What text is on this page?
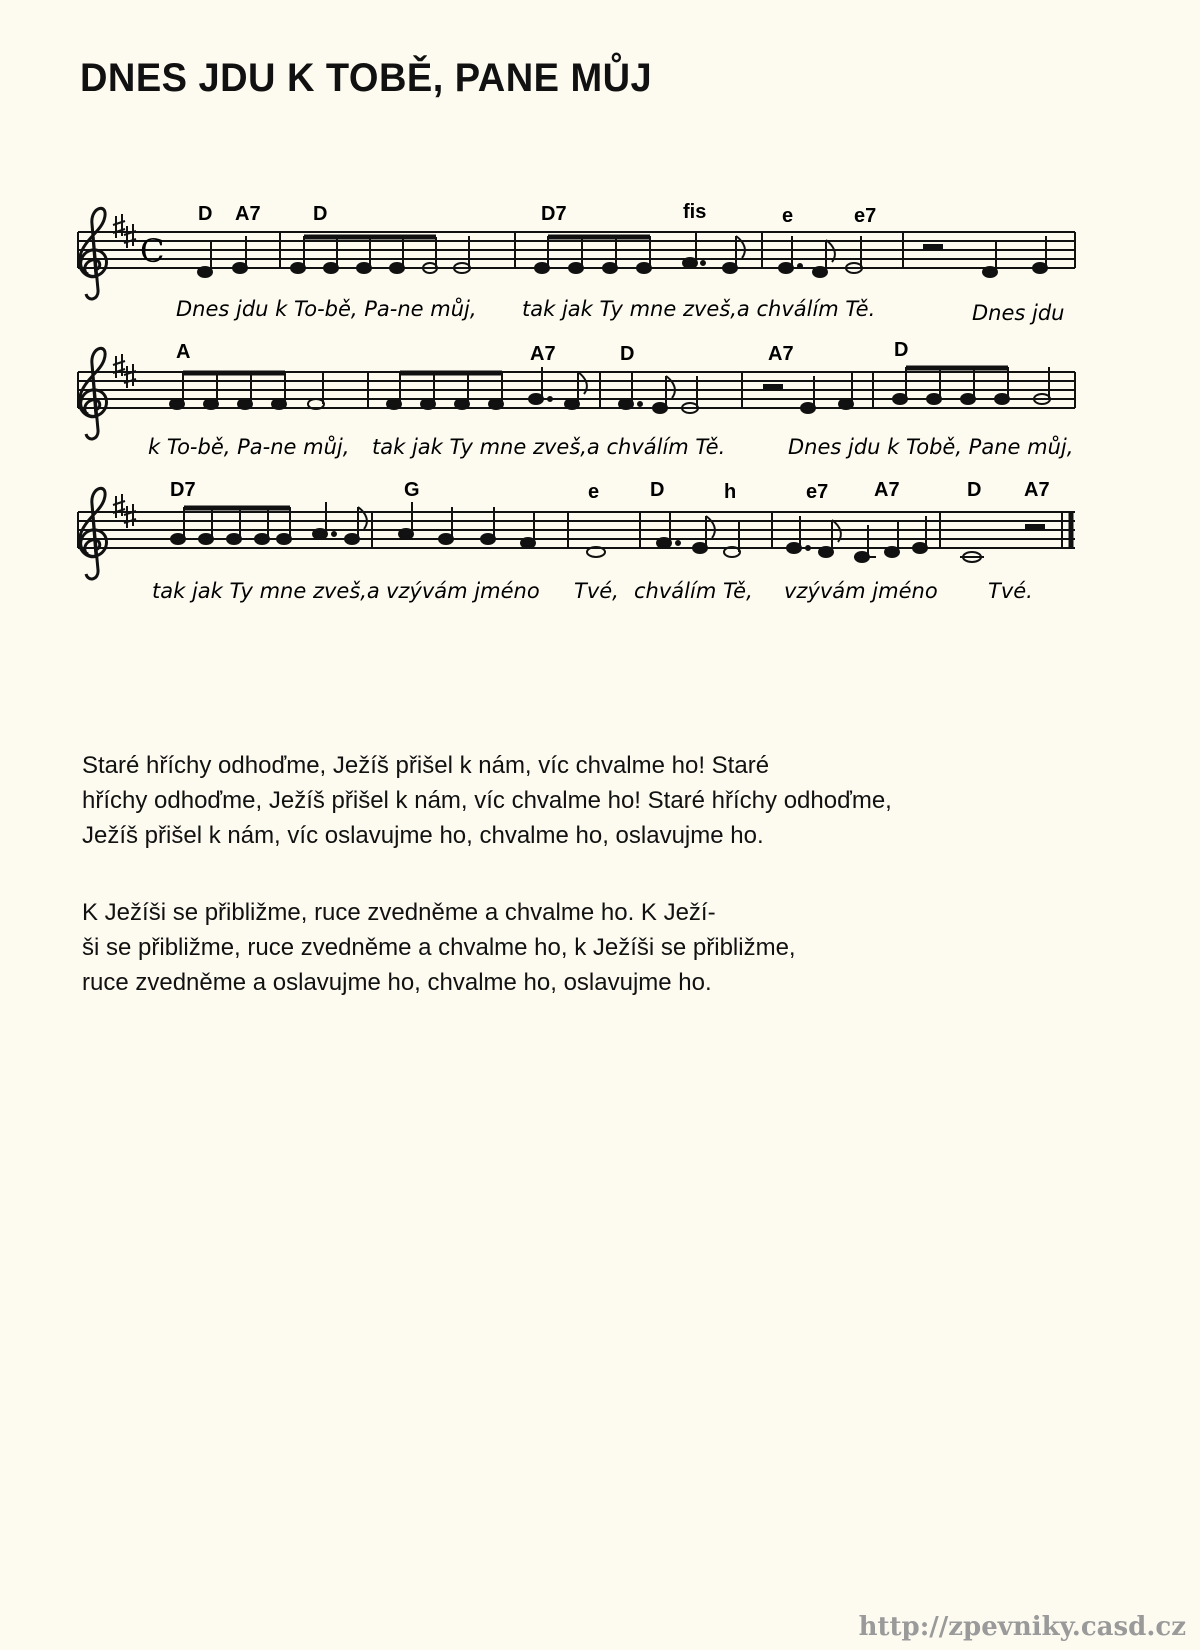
DNES JDU K TOBĚ, PANE MŮJ
C
D A7	D	D7	fis	e	e7
Dnes jdu k To-bě, Pa-ne můj, tak jak Ty mne zveš,a chválím Tě.	Dnes jdu
A	A7	D	A7	D
k To-bě, Pa-ne můj, tak jak Ty mne zveš,a chválím Tě.	Dnes jdu k Tobě, Pane můj,
D7	G	e	D	h	e7 A7	D A7
tak jak Ty mne zveš,a vzývám jméno Tvé, chválím Tě, vzývám jméno Tvé.

Staré hříchy odhoďme, Ježíš přišel k nám, víc chvalme ho! Staré
hříchy odhoďme, Ježíš přišel k nám, víc chvalme ho! Staré hříchy odhoďme,
Ježíš přišel k nám, víc oslavujme ho, chvalme ho, oslavujme ho.

K Ježíši se přibližme, ruce zvedněme a chvalme ho. K Ježí-
ši se přibližme, ruce zvedněme a chvalme ho, k Ježíši se přibližme,
ruce zvedněme a oslavujme ho, chvalme ho, oslavujme ho.

http://zpevniky.casd.cz
